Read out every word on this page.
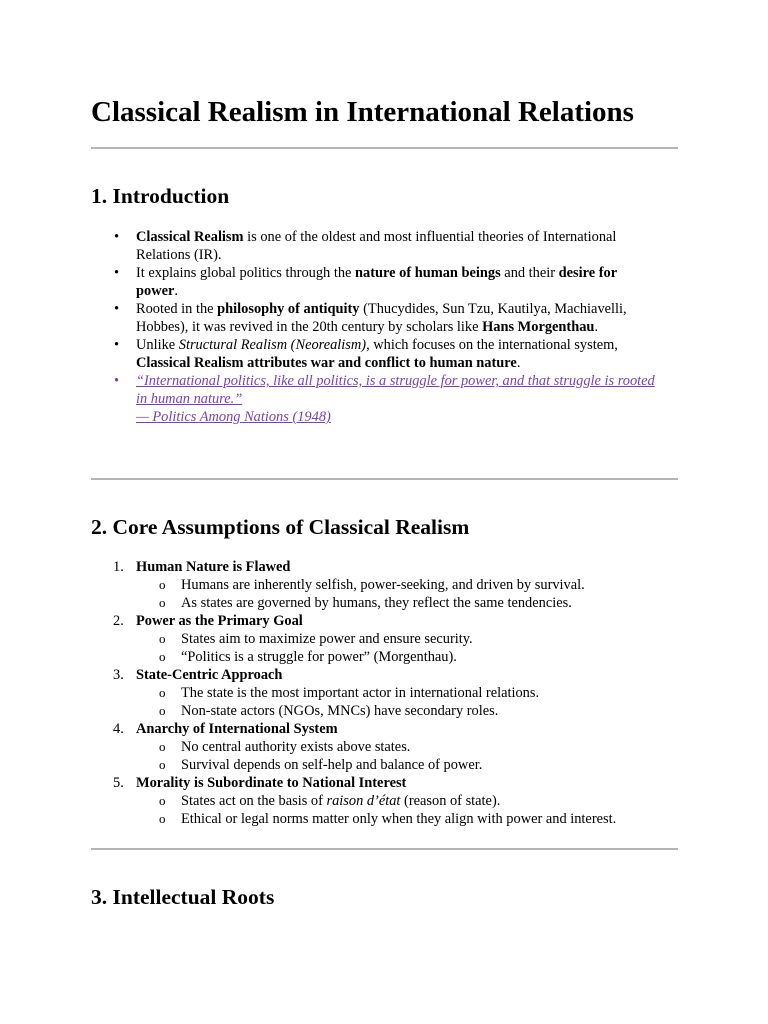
Classical Realism in International Relations
1. Introduction
• Classical Realism is one of the oldest and most influential theories of International Relations (IR).
• It explains global politics through the nature of human beings and their desire for power.
• Rooted in the philosophy of antiquity (Thucydides, Sun Tzu, Kautilya, Machiavelli, Hobbes), it was revived in the 20th century by scholars like Hans Morgenthau.
• Unlike Structural Realism (Neorealism), which focuses on the international system, Classical Realism attributes war and conflict to human nature.
• “International politics, like all politics, is a struggle for power, and that struggle is rooted in human nature.”
— Politics Among Nations (1948)
2. Core Assumptions of Classical Realism
1. Human Nature is Flawed
o Humans are inherently selfish, power-seeking, and driven by survival.
o As states are governed by humans, they reflect the same tendencies.
2. Power as the Primary Goal
o States aim to maximize power and ensure security.
o “Politics is a struggle for power” (Morgenthau).
3. State-Centric Approach
o The state is the most important actor in international relations.
o Non-state actors (NGOs, MNCs) have secondary roles.
4. Anarchy of International System
o No central authority exists above states.
o Survival depends on self-help and balance of power.
5. Morality is Subordinate to National Interest
o States act on the basis of raison d’état (reason of state).
o Ethical or legal norms matter only when they align with power and interest.
3. Intellectual Roots
